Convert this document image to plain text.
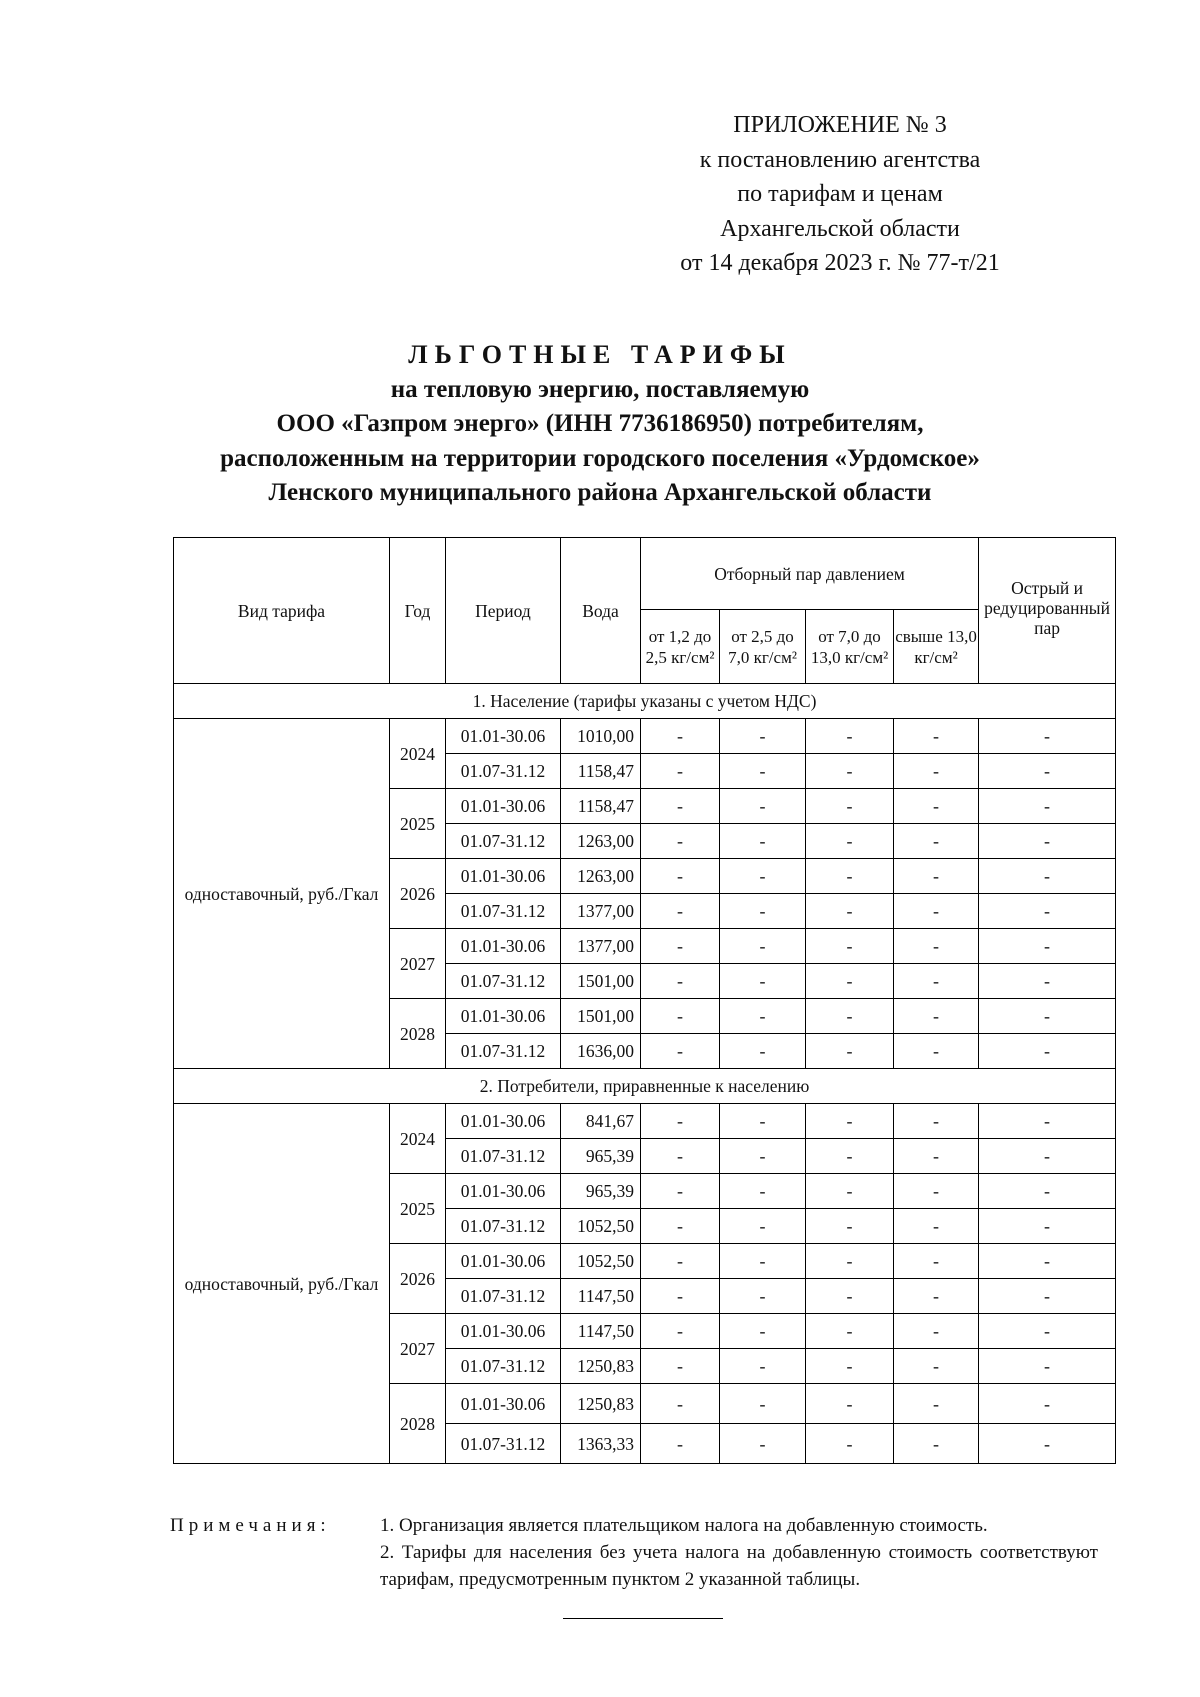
ПРИЛОЖЕНИЕ № 3
к постановлению агентства
по тарифам и ценам
Архангельской области
от 14 декабря 2023 г. № 77-т/21
ЛЬГОТНЫЕ ТАРИФЫ
на тепловую энергию, поставляемую
ООО «Газпром энерго» (ИНН 7736186950) потребителям,
расположенным на территории городского поселения «Урдомское»
Ленского муниципального района Архангельской области
Вид тарифа	Год	Период	Вода	Отборный пар давлением				Острый и редуцированный пар
				от 1,2 до 2,5 кг/см²	от 2,5 до 7,0 кг/см²	от 7,0 до 13,0 кг/см²	свыше 13,0 кг/см²	
1. Население (тарифы указаны с учетом НДС)								
одноставочный, руб./Гкал	2024	01.01-30.06	1010,00	-	-	-	-	-
		01.07-31.12	1158,47	-	-	-	-	-
	2025	01.01-30.06	1158,47	-	-	-	-	-
		01.07-31.12	1263,00	-	-	-	-	-
	2026	01.01-30.06	1263,00	-	-	-	-	-
		01.07-31.12	1377,00	-	-	-	-	-
	2027	01.01-30.06	1377,00	-	-	-	-	-
		01.07-31.12	1501,00	-	-	-	-	-
	2028	01.01-30.06	1501,00	-	-	-	-	-
		01.07-31.12	1636,00	-	-	-	-	-
2. Потребители, приравненные к населению								
одноставочный, руб./Гкал	2024	01.01-30.06	841,67	-	-	-	-	-
		01.07-31.12	965,39	-	-	-	-	-
	2025	01.01-30.06	965,39	-	-	-	-	-
		01.07-31.12	1052,50	-	-	-	-	-
	2026	01.01-30.06	1052,50	-	-	-	-	-
		01.07-31.12	1147,50	-	-	-	-	-
	2027	01.01-30.06	1147,50	-	-	-	-	-
		01.07-31.12	1250,83	-	-	-	-	-
	2028	01.01-30.06	1250,83	-	-	-	-	-
		01.07-31.12	1363,33	-	-	-	-	-
Примечания:	1. Организация является плательщиком налога на добавленную стоимость.
2. Тарифы для населения без учета налога на добавленную стоимость соответствуют тарифам, предусмотренным пунктом 2 указанной таблицы.
